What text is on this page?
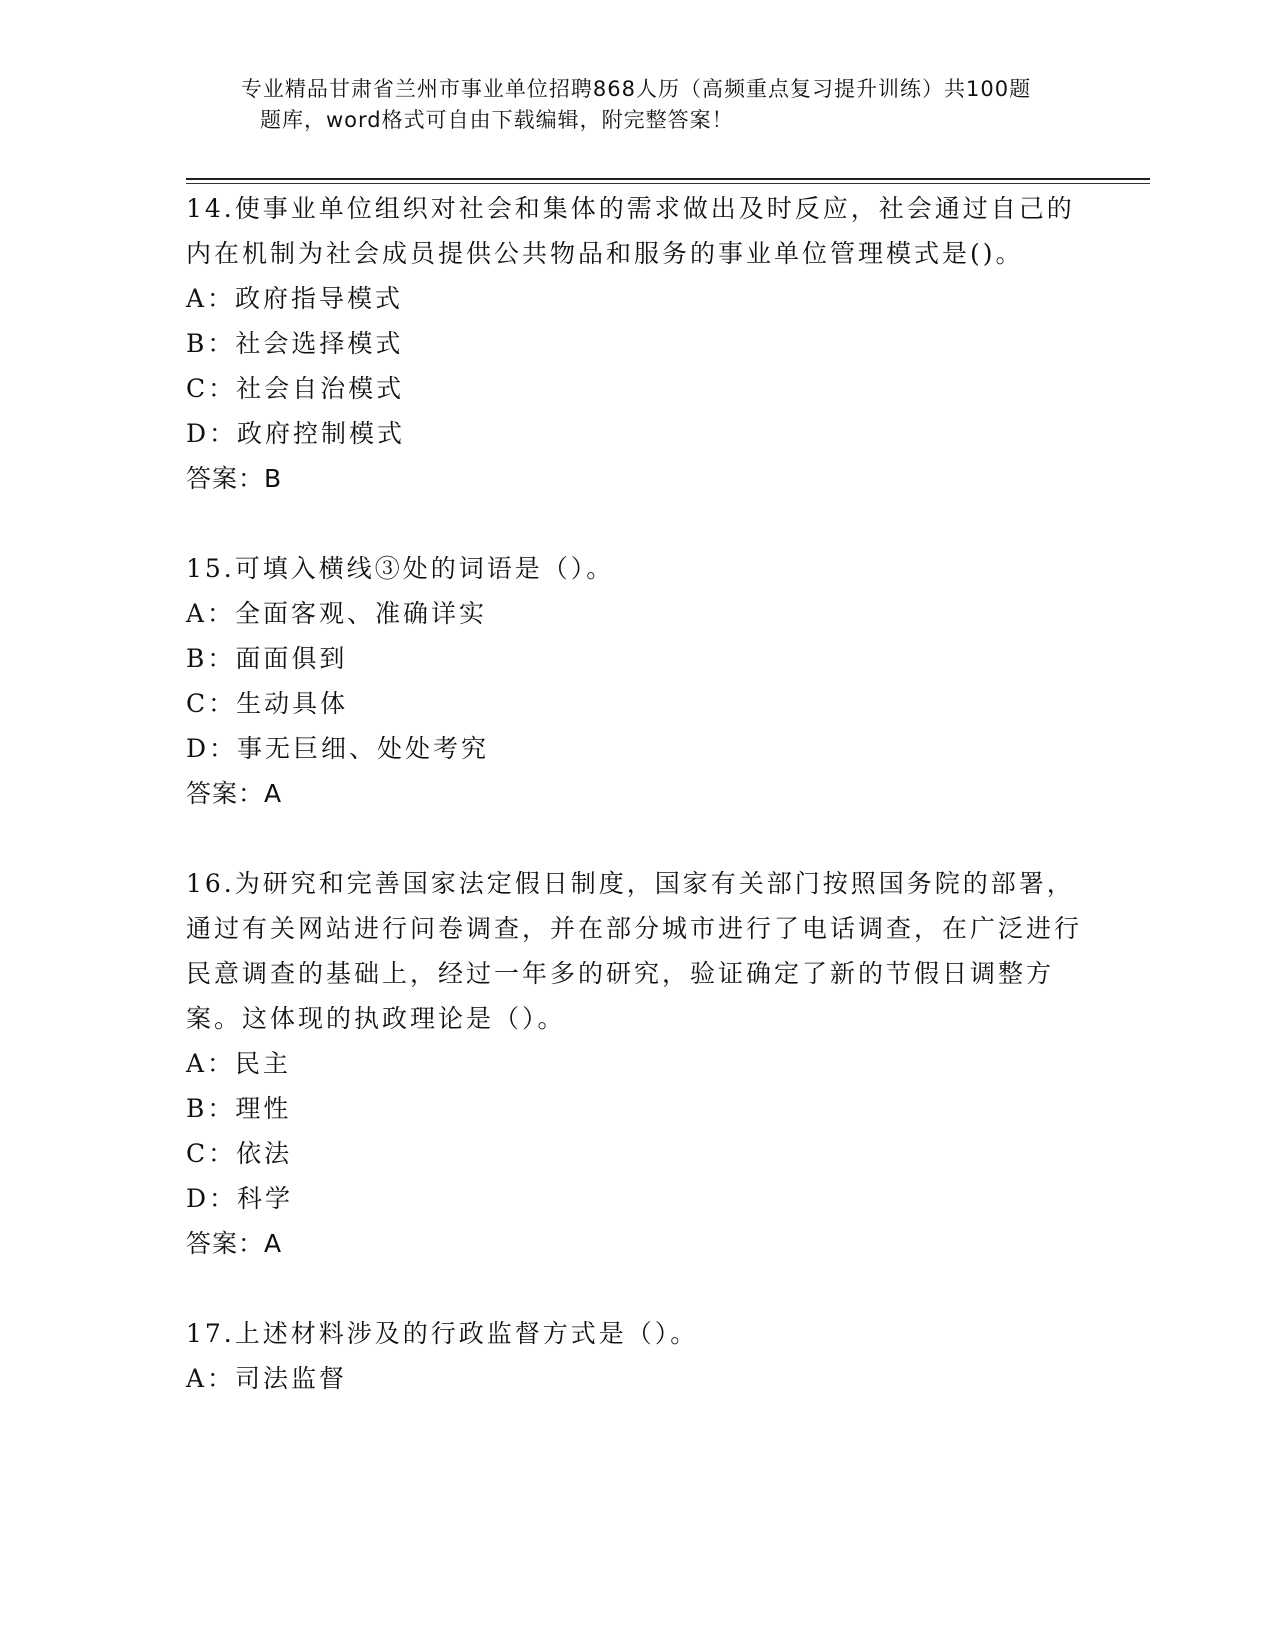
专业精品甘肃省兰州市事业单位招聘868人历（高频重点复习提升训练）共100题
题库，word格式可自由下载编辑，附完整答案！
14.使事业单位组织对社会和集体的需求做出及时反应，社会通过自己的内在机制为社会成员提供公共物品和服务的事业单位管理模式是()。
A：政府指导模式
B：社会选择模式
C：社会自治模式
D：政府控制模式
答案：B
15.可填入横线③处的词语是（）。
A：全面客观、准确详实
B：面面俱到
C：生动具体
D：事无巨细、处处考究
答案：A
16.为研究和完善国家法定假日制度，国家有关部门按照国务院的部署，通过有关网站进行问卷调查，并在部分城市进行了电话调查，在广泛进行民意调查的基础上，经过一年多的研究，验证确定了新的节假日调整方案。这体现的执政理论是（）。
A：民主
B：理性
C：依法
D：科学
答案：A
17.上述材料涉及的行政监督方式是（）。
A：司法监督
